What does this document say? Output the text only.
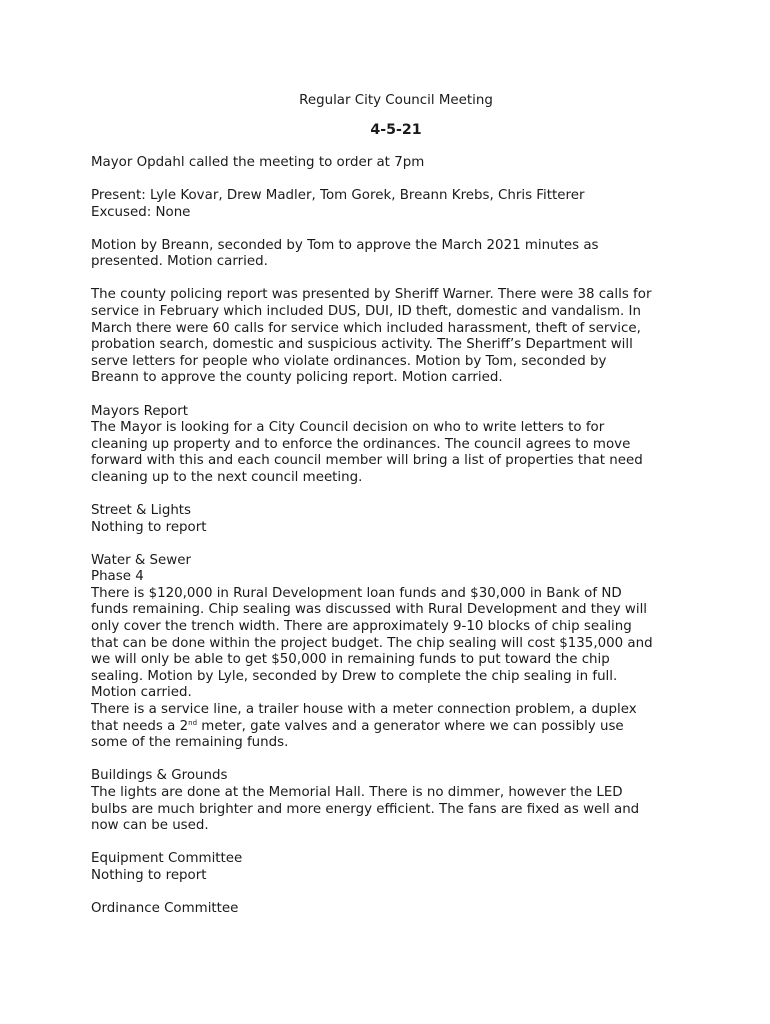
Regular City Council Meeting

4-5-21

Mayor Opdahl called the meeting to order at 7pm

Present: Lyle Kovar, Drew Madler, Tom Gorek, Breann Krebs, Chris Fitterer
Excused: None

Motion by Breann, seconded by Tom to approve the March 2021 minutes as
presented. Motion carried.

The county policing report was presented by Sheriff Warner. There were 38 calls for
service in February which included DUS, DUI, ID theft, domestic and vandalism. In
March there were 60 calls for service which included harassment, theft of service,
probation search, domestic and suspicious activity. The Sheriff’s Department will
serve letters for people who violate ordinances. Motion by Tom, seconded by
Breann to approve the county policing report. Motion carried.

Mayors Report
The Mayor is looking for a City Council decision on who to write letters to for
cleaning up property and to enforce the ordinances. The council agrees to move
forward with this and each council member will bring a list of properties that need
cleaning up to the next council meeting.

Street & Lights
Nothing to report

Water & Sewer
Phase 4
There is $120,000 in Rural Development loan funds and $30,000 in Bank of ND
funds remaining. Chip sealing was discussed with Rural Development and they will
only cover the trench width. There are approximately 9-10 blocks of chip sealing
that can be done within the project budget. The chip sealing will cost $135,000 and
we will only be able to get $50,000 in remaining funds to put toward the chip
sealing. Motion by Lyle, seconded by Drew to complete the chip sealing in full.
Motion carried.

There is a service line, a trailer house with a meter connection problem, a duplex
that needs a 2nd meter, gate valves and a generator where we can possibly use
some of the remaining funds.

Buildings & Grounds
The lights are done at the Memorial Hall. There is no dimmer, however the LED
bulbs are much brighter and more energy efficient. The fans are fixed as well and
now can be used.

Equipment Committee
Nothing to report

Ordinance Committee
